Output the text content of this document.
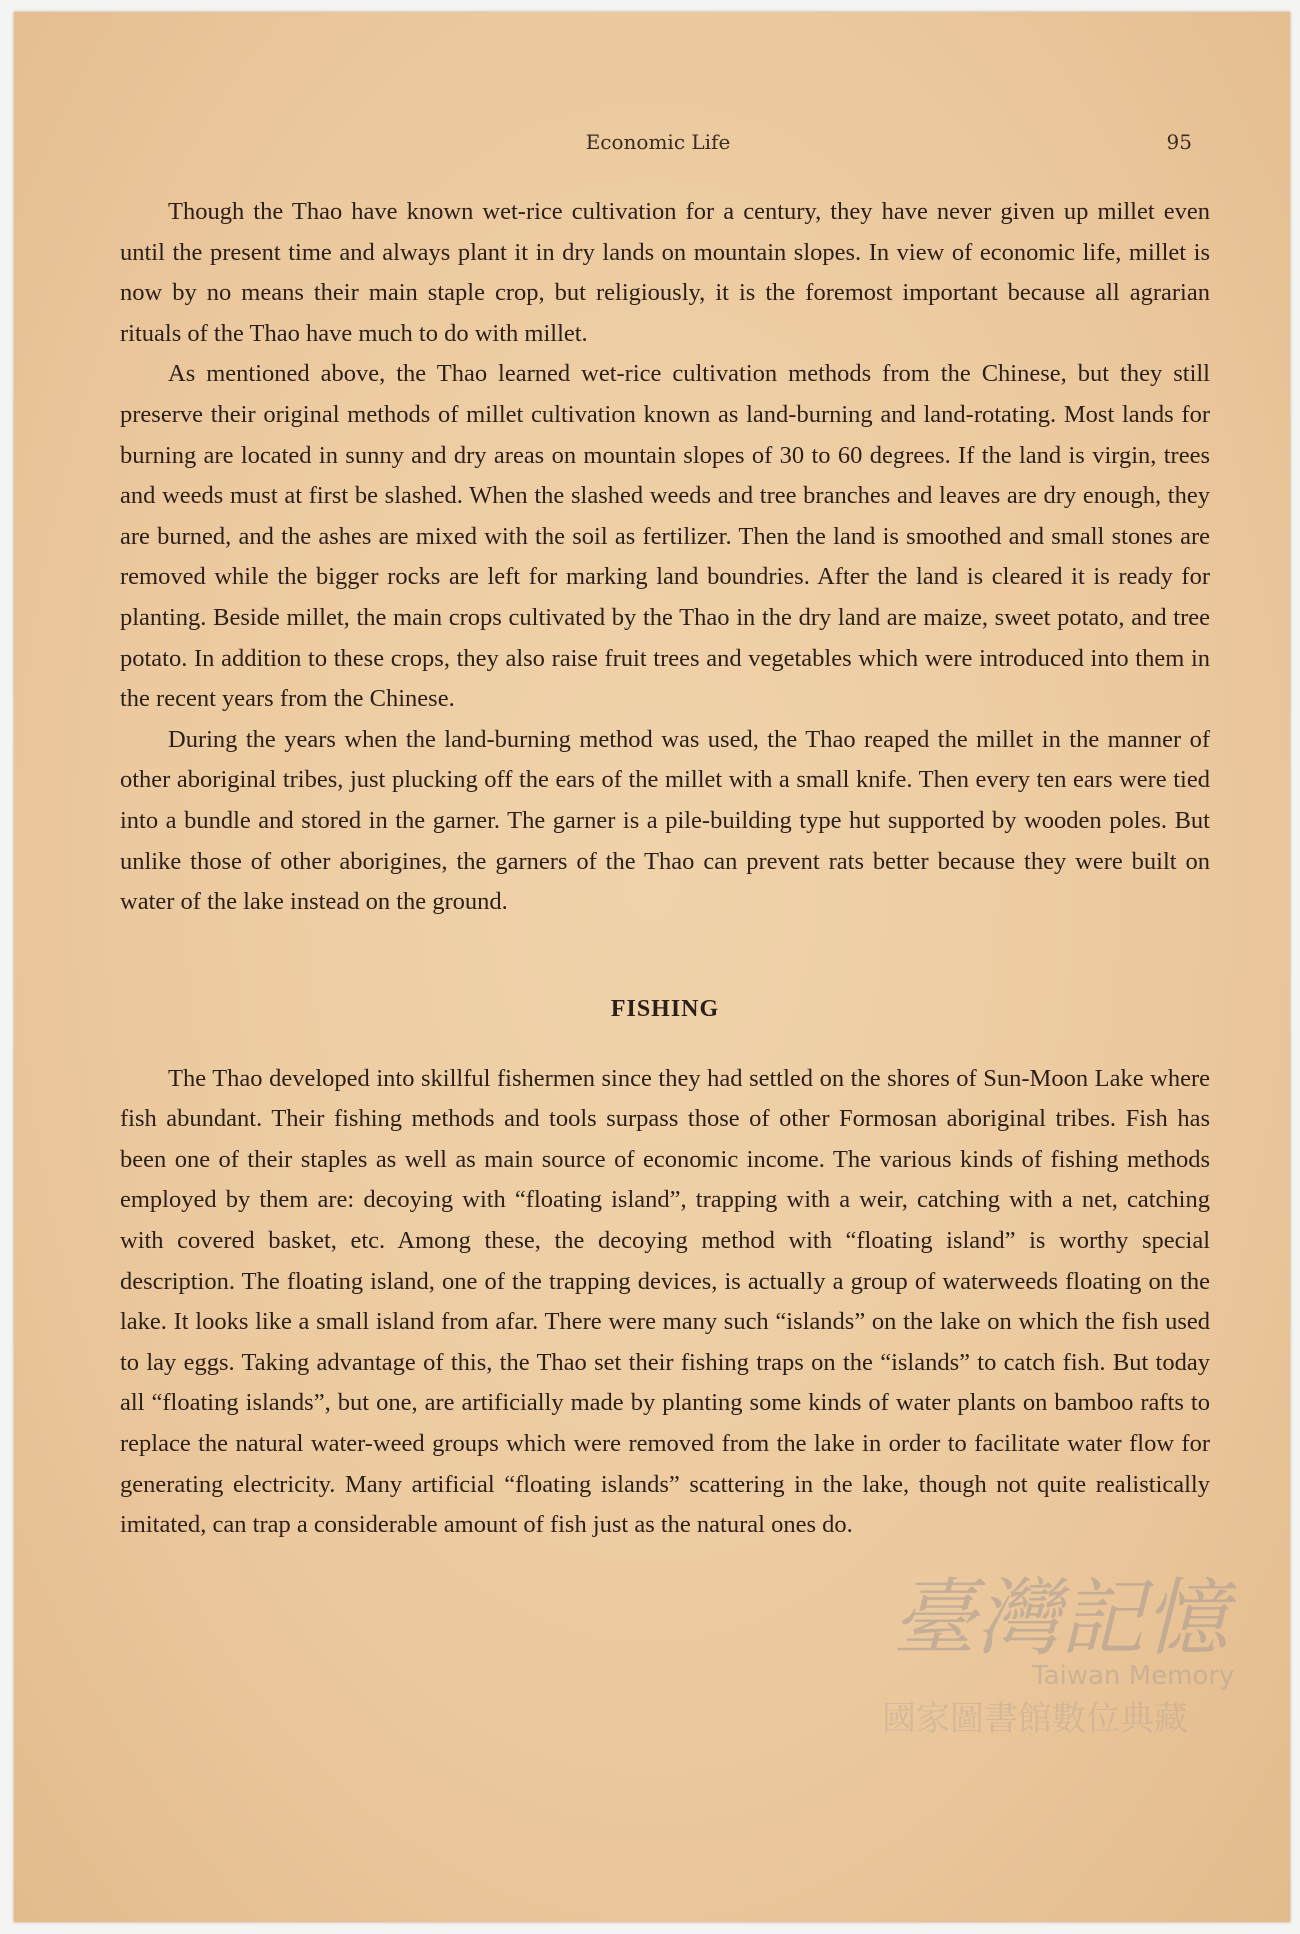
Economic Life	95

Though the Thao have known wet-rice cultivation for a century, they have never given up millet even until the present time and always plant it in dry lands on mountain slopes. In view of economic life, millet is now by no means their main staple crop, but religiously, it is the foremost important because all agrarian rituals of the Thao have much to do with millet.

As mentioned above, the Thao learned wet-rice cultivation methods from the Chinese, but they still preserve their original methods of millet cultivation known as land-burning and land-rotating. Most lands for burning are located in sunny and dry areas on mountain slopes of 30 to 60 degrees. If the land is virgin, trees and weeds must at first be slashed. When the slashed weeds and tree branches and leaves are dry enough, they are burned, and the ashes are mixed with the soil as fertilizer. Then the land is smoothed and small stones are removed while the bigger rocks are left for marking land boundries. After the land is cleared it is ready for planting. Beside millet, the main crops cultivated by the Thao in the dry land are maize, sweet potato, and tree potato. In addition to these crops, they also raise fruit trees and vegetables which were introduced into them in the recent years from the Chinese.

During the years when the land-burning method was used, the Thao reaped the millet in the manner of other aboriginal tribes, just plucking off the ears of the millet with a small knife. Then every ten ears were tied into a bundle and stored in the garner. The garner is a pile-building type hut supported by wooden poles. But unlike those of other aborigines, the garners of the Thao can prevent rats better because they were built on water of the lake instead on the ground.

FISHING

The Thao developed into skillful fishermen since they had settled on the shores of Sun-Moon Lake where fish abundant. Their fishing methods and tools surpass those of other Formosan aboriginal tribes. Fish has been one of their staples as well as main source of economic income. The various kinds of fishing methods employed by them are: decoying with “floating island”, trapping with a weir, catching with a net, catching with covered basket, etc. Among these, the decoying method with “floating island” is worthy special description. The floating island, one of the trapping devices, is actually a group of waterweeds floating on the lake. It looks like a small island from afar. There were many such “islands” on the lake on which the fish used to lay eggs. Taking advantage of this, the Thao set their fishing traps on the “islands” to catch fish. But today all “floating islands”, but one, are artificially made by planting some kinds of water plants on bamboo rafts to replace the natural water-weed groups which were removed from the lake in order to facilitate water flow for generating electricity. Many artificial “floating islands” scattering in the lake, though not quite realistically imitated, can trap a considerable amount of fish just as the natural ones do.

臺灣記憶
Taiwan Memory
國家圖書館數位典藏
